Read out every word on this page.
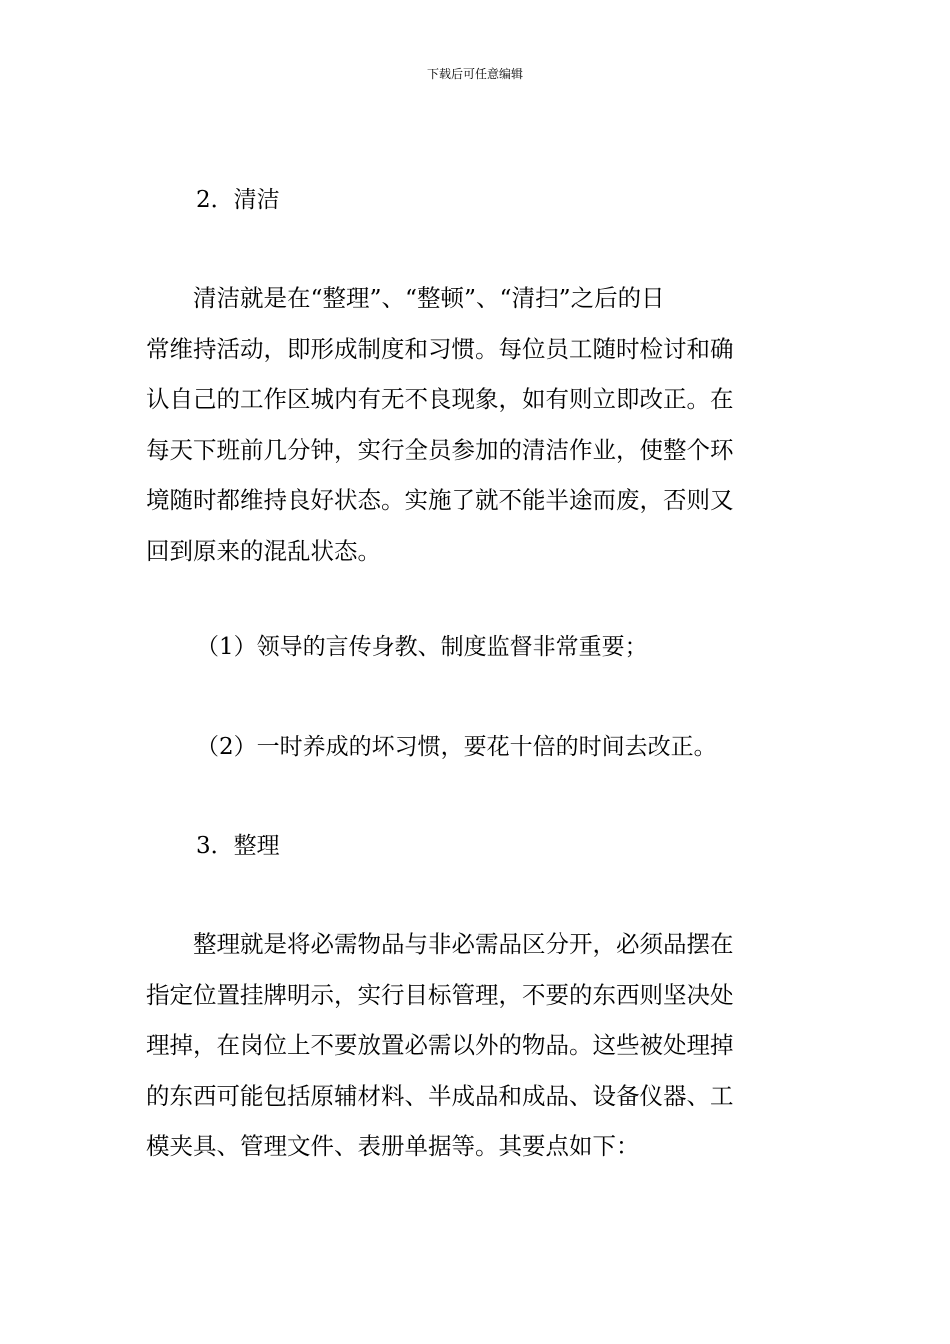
下载后可任意编辑
2．清洁
　　清洁就是在“整理”、“整顿”、“清扫”之后的日
常维持活动，即形成制度和习惯。每位员工随时检讨和确
认自己的工作区城内有无不良现象，如有则立即改正。在
每天下班前几分钟，实行全员参加的清洁作业，使整个环
境随时都维持良好状态。实施了就不能半途而废，否则又
回到原来的混乱状态。
（1）领导的言传身教、制度监督非常重要；
（2）一时养成的坏习惯，要花十倍的时间去改正。
3．整理
　　整理就是将必需物品与非必需品区分开，必须品摆在
指定位置挂牌明示，实行目标管理，不要的东西则坚决处
理掉，在岗位上不要放置必需以外的物品。这些被处理掉
的东西可能包括原辅材料、半成品和成品、设备仪器、工
模夹具、管理文件、表册单据等。其要点如下：
